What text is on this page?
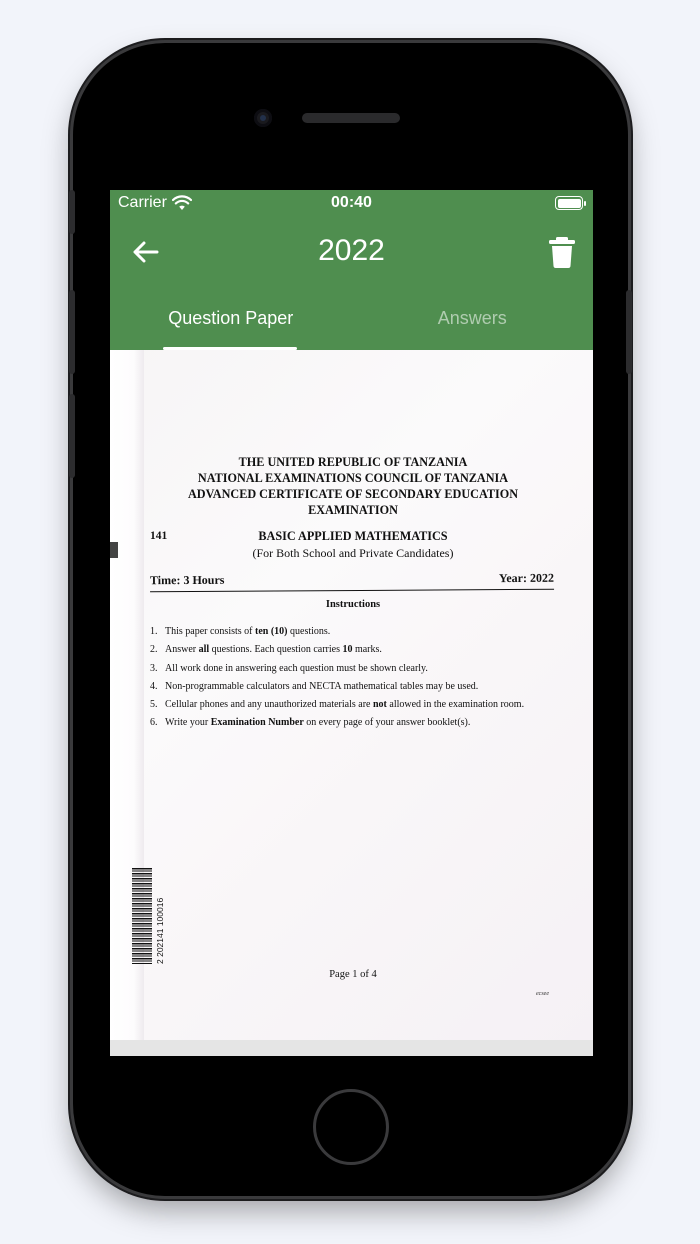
Carrier	00:40
2022
Question Paper	Answers
THE UNITED REPUBLIC OF TANZANIA
NATIONAL EXAMINATIONS COUNCIL OF TANZANIA
ADVANCED CERTIFICATE OF SECONDARY EDUCATION
EXAMINATION
141	BASIC APPLIED MATHEMATICS
(For Both School and Private Candidates)
Time: 3 Hours	Year: 2022
Instructions
1. This paper consists of ten (10) questions.
2. Answer all questions. Each question carries 10 marks.
3. All work done in answering each question must be shown clearly.
4. Non-programmable calculators and NECTA mathematical tables may be used.
5. Cellular phones and any unauthorized materials are not allowed in the examination room.
6. Write your Examination Number on every page of your answer booklet(s).
2 202141 100016
Page 1 of 4
ecsee
